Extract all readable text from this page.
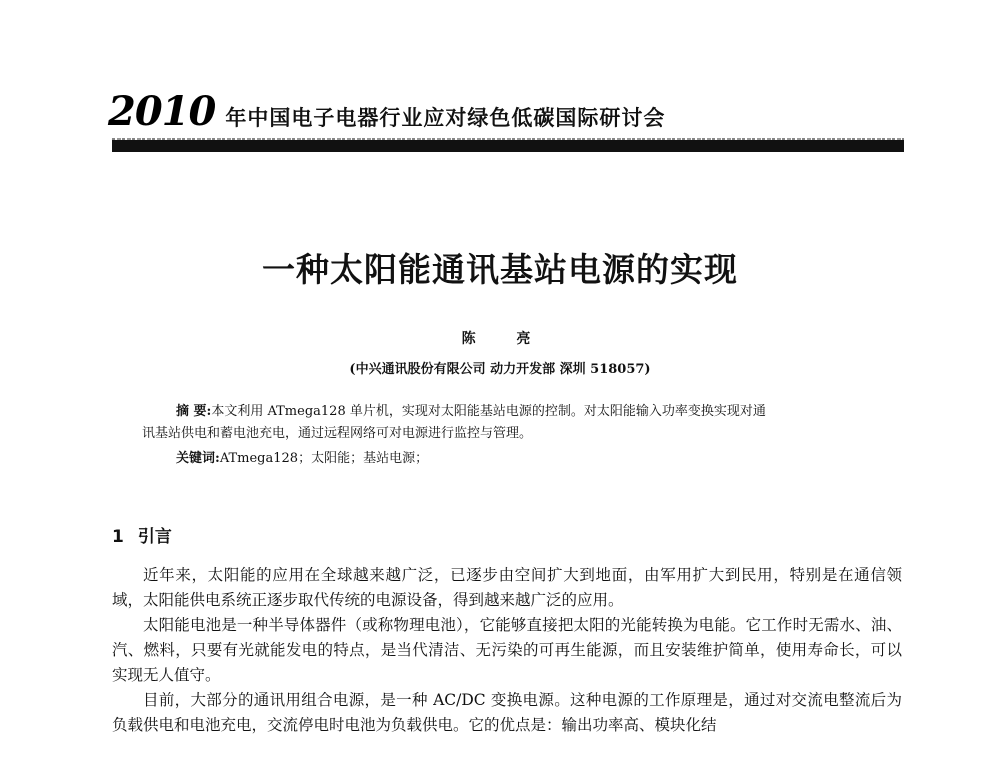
2010 年中国电子电器行业应对绿色低碳国际研讨会
一种太阳能通讯基站电源的实现
陈 亮
(中兴通讯股份有限公司 动力开发部 深圳 518057)
摘 要:本文利用 ATmega128 单片机，实现对太阳能基站电源的控制。对太阳能输入功率变换实现对通
讯基站供电和蓄电池充电，通过远程网络可对电源进行监控与管理。
关键词:ATmega128；太阳能；基站电源；
1 引言

近年来，太阳能的应用在全球越来越广泛，已逐步由空间扩大到地面，由军用扩大到民用，特别是在通信领域，太阳能供电系统正逐步取代传统的电源设备，得到越来越广泛的应用。

太阳能电池是一种半导体器件（或称物理电池），它能够直接把太阳的光能转换为电能。它工作时无需水、油、汽、燃料，只要有光就能发电的特点，是当代清洁、无污染的可再生能源，而且安装维护简单，使用寿命长，可以实现无人值守。

目前，大部分的通讯用组合电源，是一种 AC/DC 变换电源。这种电源的工作原理是，通过对交流电整流后为负载供电和电池充电，交流停电时电池为负载供电。它的优点是：输出功率高、模块化结
